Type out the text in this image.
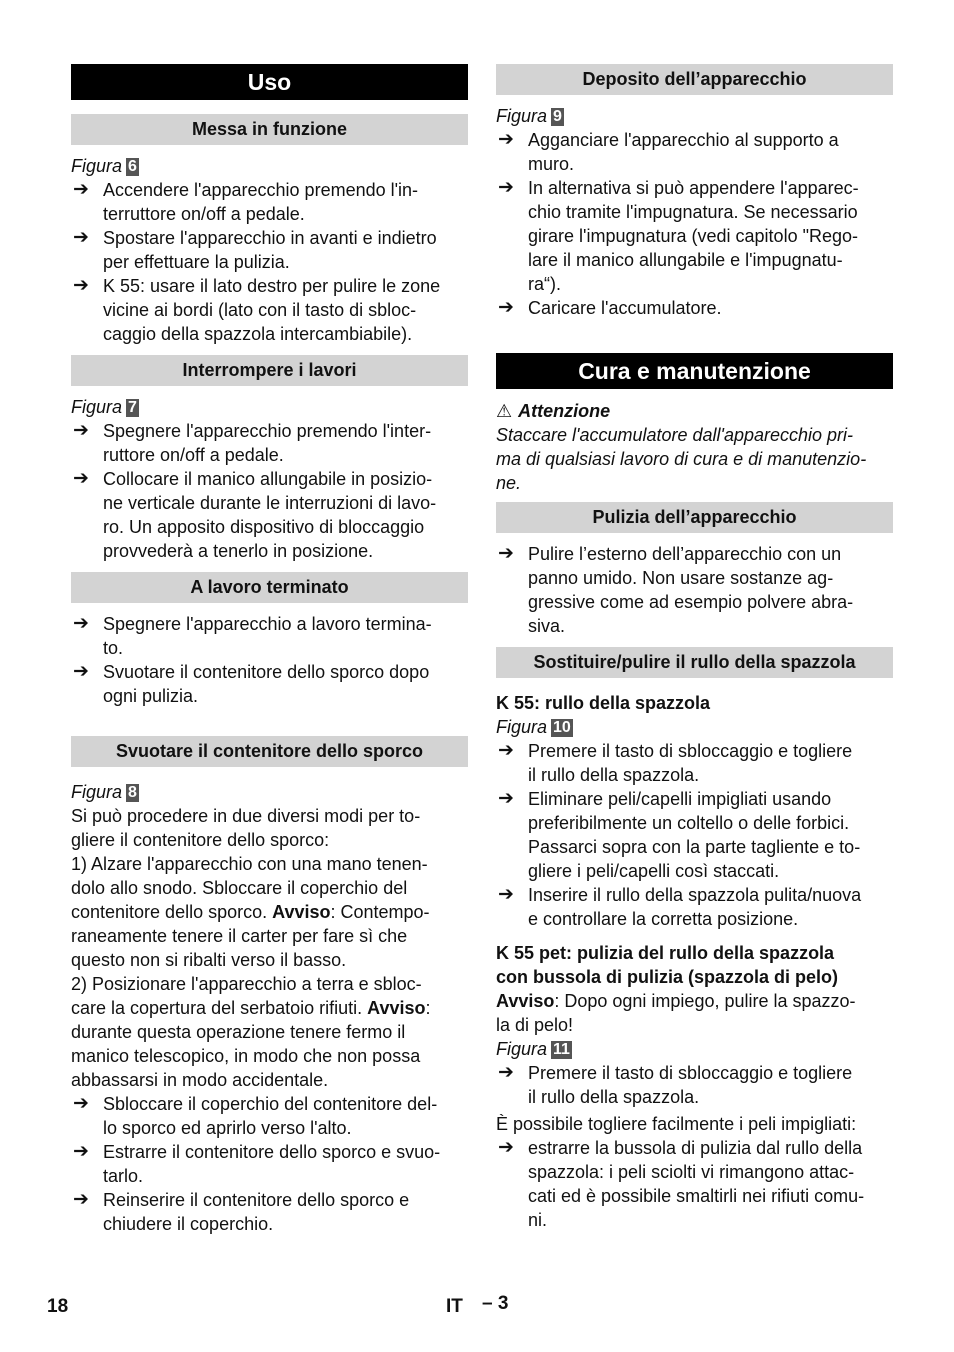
Uso
Messa in funzione
Figura 6
➔ Accendere l'apparecchio premendo l'in-
terruttore on/off a pedale.
➔ Spostare l'apparecchio in avanti e indietro
per effettuare la pulizia.
➔ K 55: usare il lato destro per pulire le zone
vicine ai bordi (lato con il tasto di sbloc-
caggio della spazzola intercambiabile).
Interrompere i lavori
Figura 7
➔ Spegnere l'apparecchio premendo l'inter-
ruttore on/off a pedale.
➔ Collocare il manico allungabile in posizio-
ne verticale durante le interruzioni di lavo-
ro. Un apposito dispositivo di bloccaggio
provvederà a tenerlo in posizione.
A lavoro terminato
➔ Spegnere l'apparecchio a lavoro termina-
to.
➔ Svuotare il contenitore dello sporco dopo
ogni pulizia.
Svuotare il contenitore dello sporco
Figura 8
Si può procedere in due diversi modi per to-
gliere il contenitore dello sporco:
1) Alzare l'apparecchio con una mano tenen-
dolo allo snodo. Sbloccare il coperchio del
contenitore dello sporco. Avviso: Contempo-
raneamente tenere il carter per fare sì che
questo non si ribalti verso il basso.
2) Posizionare l'apparecchio a terra e sbloc-
care la copertura del serbatoio rifiuti. Avviso:
durante questa operazione tenere fermo il
manico telescopico, in modo che non possa
abbassarsi in modo accidentale.
➔ Sbloccare il coperchio del contenitore del-
lo sporco ed aprirlo verso l'alto.
➔ Estrarre il contenitore dello sporco e svuo-
tarlo.
➔ Reinserire il contenitore dello sporco e
chiudere il coperchio.
Deposito dell’apparecchio
Figura 9
➔ Agganciare l'apparecchio al supporto a
muro.
➔ In alternativa si può appendere l'apparec-
chio tramite l'impugnatura. Se necessario
girare l'impugnatura (vedi capitolo "Rego-
lare il manico allungabile e l'impugnatu-
ra“).
➔ Caricare l'accumulatore.
Cura e manutenzione
⚠ Attenzione
Staccare l'accumulatore dall'apparecchio pri-
ma di qualsiasi lavoro di cura e di manutenzio-
ne.
Pulizia dell’apparecchio
➔ Pulire l’esterno dell’apparecchio con un
panno umido. Non usare sostanze ag-
gressive come ad esempio polvere abra-
siva.
Sostituire/pulire il rullo della spazzola
K 55: rullo della spazzola
Figura 10
➔ Premere il tasto di sbloccaggio e togliere
il rullo della spazzola.
➔ Eliminare peli/capelli impigliati usando
preferibilmente un coltello o delle forbici.
Passarci sopra con la parte tagliente e to-
gliere i peli/capelli così staccati.
➔ Inserire il rullo della spazzola pulita/nuova
e controllare la corretta posizione.
K 55 pet: pulizia del rullo della spazzola
con bussola di pulizia (spazzola di pelo)
Avviso: Dopo ogni impiego, pulire la spazzo-
la di pelo!
Figura 11
➔ Premere il tasto di sbloccaggio e togliere
il rullo della spazzola.
È possibile togliere facilmente i peli impigliati:
➔ estrarre la bussola di pulizia dal rullo della
spazzola: i peli sciolti vi rimangono attac-
cati ed è possibile smaltirli nei rifiuti comu-
ni.
18	IT – 3
